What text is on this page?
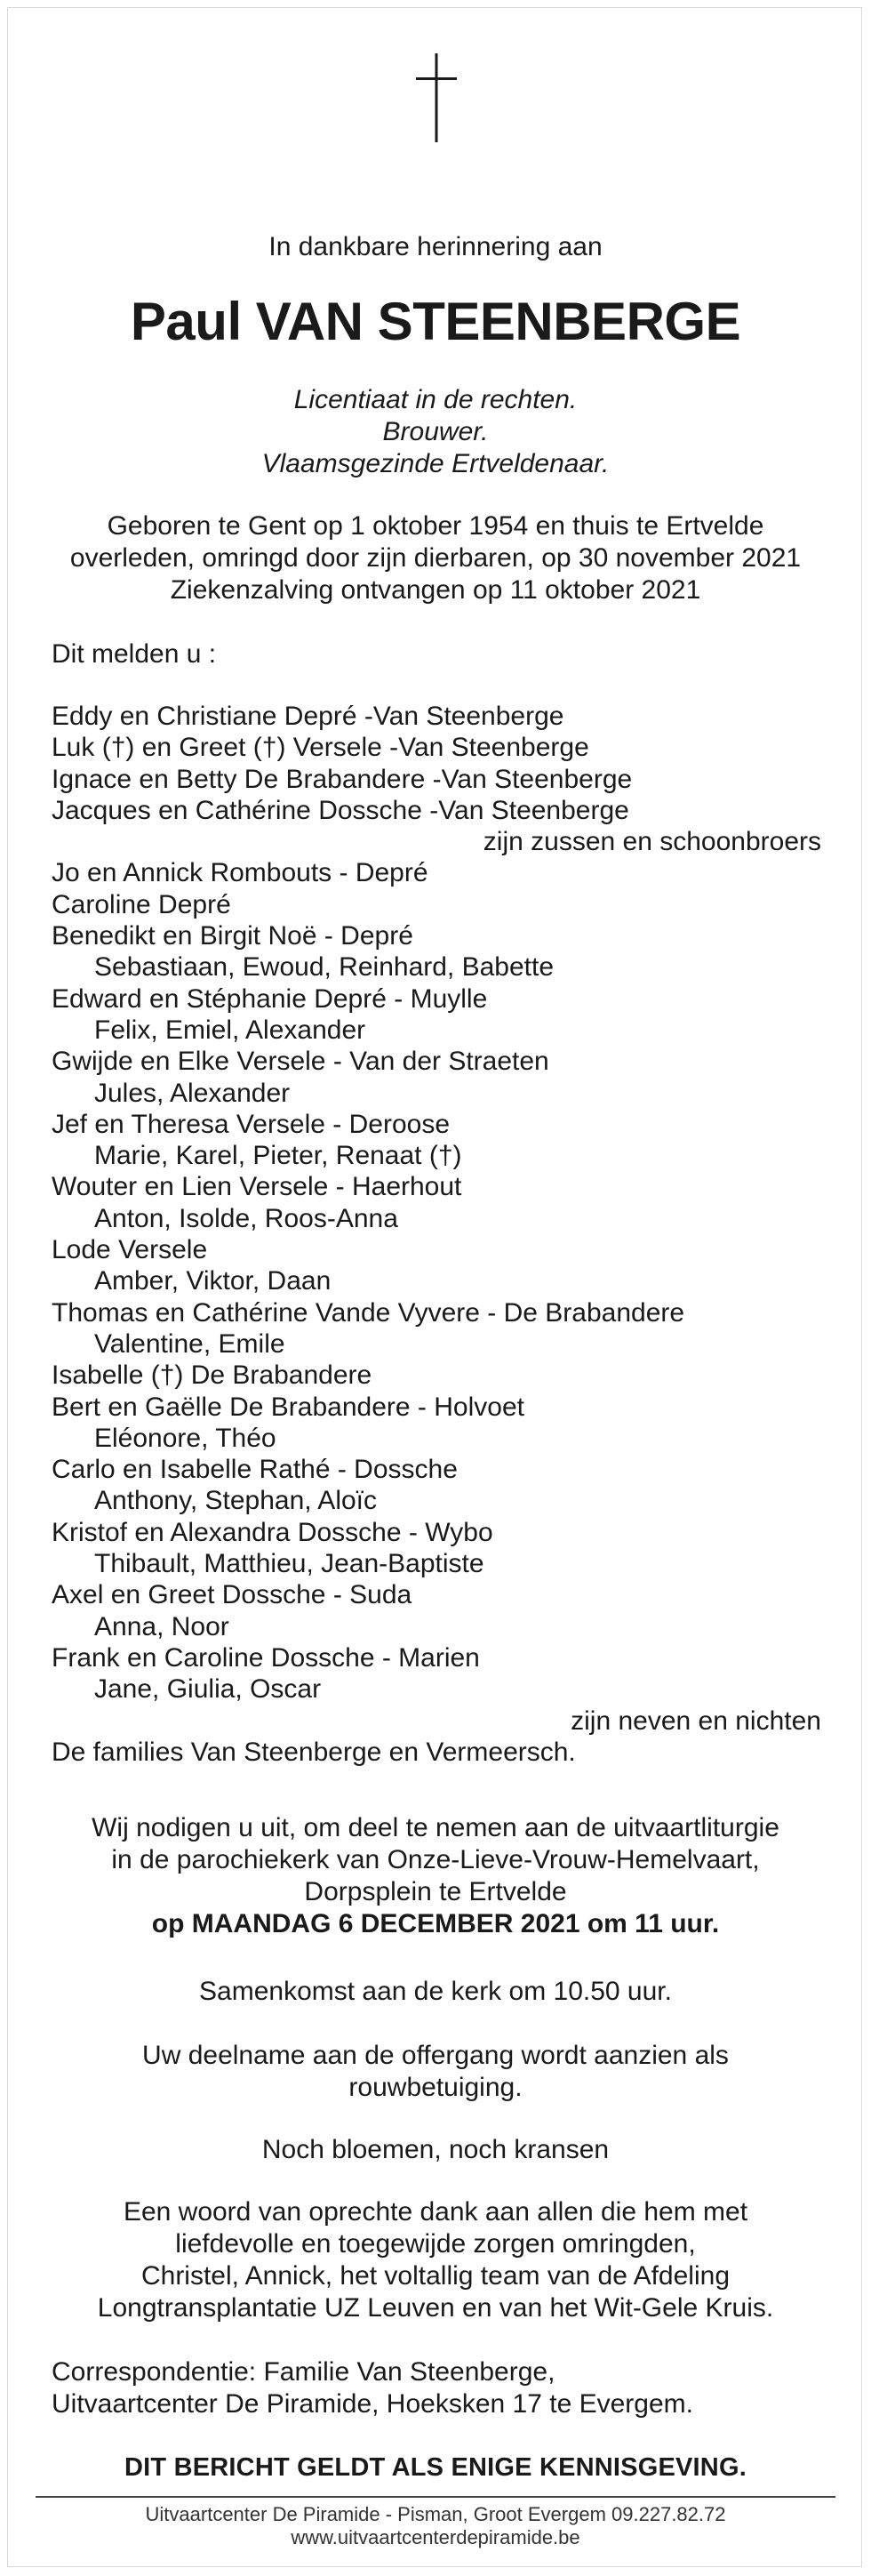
In dankbare herinnering aan
Paul VAN STEENBERGE
Licentiaat in de rechten.
Brouwer.
Vlaamsgezinde Ertveldenaar.
Geboren te Gent op 1 oktober 1954 en thuis te Ertvelde
overleden, omringd door zijn dierbaren, op 30 november 2021
Ziekenzalving ontvangen op 11 oktober 2021
Dit melden u :
Eddy en Christiane Depré -Van Steenberge
Luk (†) en Greet (†) Versele -Van Steenberge
Ignace en Betty De Brabandere -Van Steenberge
Jacques en Cathérine Dossche -Van Steenberge
zijn zussen en schoonbroers
Jo en Annick Rombouts - Depré
Caroline Depré
Benedikt en Birgit Noë - Depré
Sebastiaan, Ewoud, Reinhard, Babette
Edward en Stéphanie Depré - Muylle
Felix, Emiel, Alexander
Gwijde en Elke Versele - Van der Straeten
Jules, Alexander
Jef en Theresa Versele - Deroose
Marie, Karel, Pieter, Renaat (†)
Wouter en Lien Versele - Haerhout
Anton, Isolde, Roos-Anna
Lode Versele
Amber, Viktor, Daan
Thomas en Cathérine Vande Vyvere - De Brabandere
Valentine, Emile
Isabelle (†) De Brabandere
Bert en Gaëlle De Brabandere - Holvoet
Eléonore, Théo
Carlo en Isabelle Rathé - Dossche
Anthony, Stephan, Aloïc
Kristof en Alexandra Dossche - Wybo
Thibault, Matthieu, Jean-Baptiste
Axel en Greet Dossche - Suda
Anna, Noor
Frank en Caroline Dossche - Marien
Jane, Giulia, Oscar
zijn neven en nichten
De families Van Steenberge en Vermeersch.
Wij nodigen u uit, om deel te nemen aan de uitvaartliturgie
in de parochiekerk van Onze-Lieve-Vrouw-Hemelvaart,
Dorpsplein te Ertvelde
op MAANDAG 6 DECEMBER 2021 om 11 uur.
Samenkomst aan de kerk om 10.50 uur.
Uw deelname aan de offergang wordt aanzien als
rouwbetuiging.
Noch bloemen, noch kransen
Een woord van oprechte dank aan allen die hem met
liefdevolle en toegewijde zorgen omringden,
Christel, Annick, het voltallig team van de Afdeling
Longtransplantatie UZ Leuven en van het Wit-Gele Kruis.
Correspondentie: Familie Van Steenberge,
Uitvaartcenter De Piramide, Hoeksken 17 te Evergem.
DIT BERICHT GELDT ALS ENIGE KENNISGEVING.
Uitvaartcenter De Piramide - Pisman, Groot Evergem 09.227.82.72
www.uitvaartcenterdepiramide.be
